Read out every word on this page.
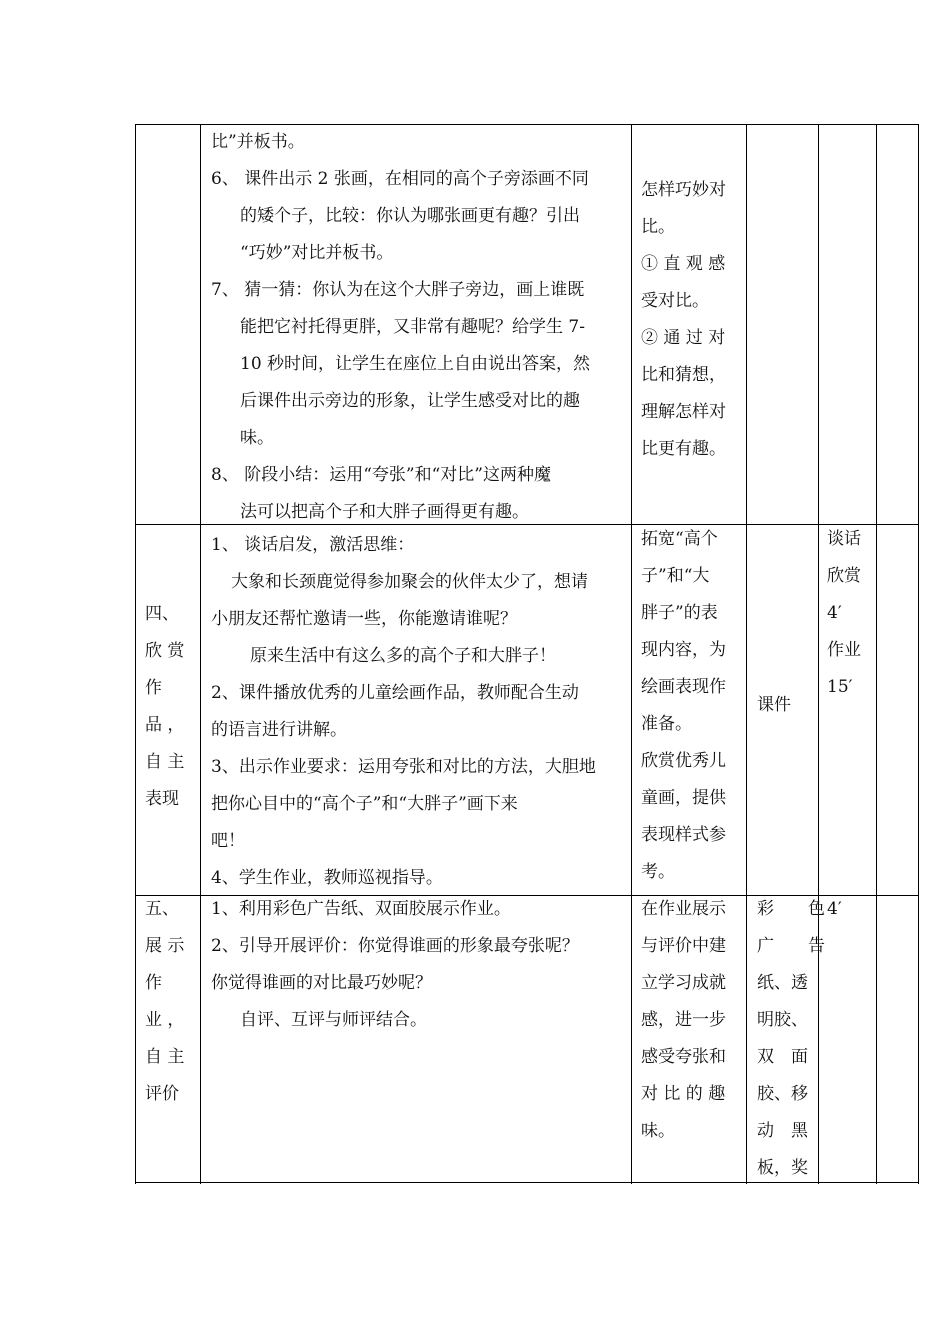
比”并板书。
6、 课件出示 2 张画，在相同的高个子旁添画不同
的矮个子，比较：你认为哪张画更有趣？引出
“巧妙”对比并板书。
7、 猜一猜：你认为在这个大胖子旁边，画上谁既
能把它衬托得更胖，又非常有趣呢？给学生 7-
10 秒时间，让学生在座位上自由说出答案，然
后课件出示旁边的形象，让学生感受对比的趣
味。
8、 阶段小结：运用“夸张”和“对比”这两种魔
法可以把高个子和大胖子画得更有趣。
怎样巧妙对
比。
① 直 观 感
受对比。
② 通 过 对
比和猜想，
理解怎样对
比更有趣。
四、
欣 赏
作
品 ，
自 主
表现
1、 谈话启发，激活思维：
大象和长颈鹿觉得参加聚会的伙伴太少了，想请
小朋友还帮忙邀请一些，你能邀请谁呢？
原来生活中有这么多的高个子和大胖子！
2、课件播放优秀的儿童绘画作品，教师配合生动
的语言进行讲解。
3、出示作业要求：运用夸张和对比的方法，大胆地
把你心目中的“高个子”和“大胖子”画下来
吧！
4、学生作业，教师巡视指导。
拓宽“高个
子”和“大
胖子”的表
现内容，为
绘画表现作
准备。
欣赏优秀儿
童画，提供
表现样式参
考。
课件
谈话
欣赏
4′
作业
15′
五、
展 示
作
业 ，
自 主
评价
1、利用彩色广告纸、双面胶展示作业。
2、引导开展评价：你觉得谁画的形象最夸张呢？
你觉得谁画的对比最巧妙呢？
自评、互评与师评结合。
在作业展示
与评价中建
立学习成就
感，进一步
感受夸张和
对 比 的 趣
味。
彩　　色
广　　告
纸、透
明胶、
双　面
胶、移
动　黑
板，奖
4′
